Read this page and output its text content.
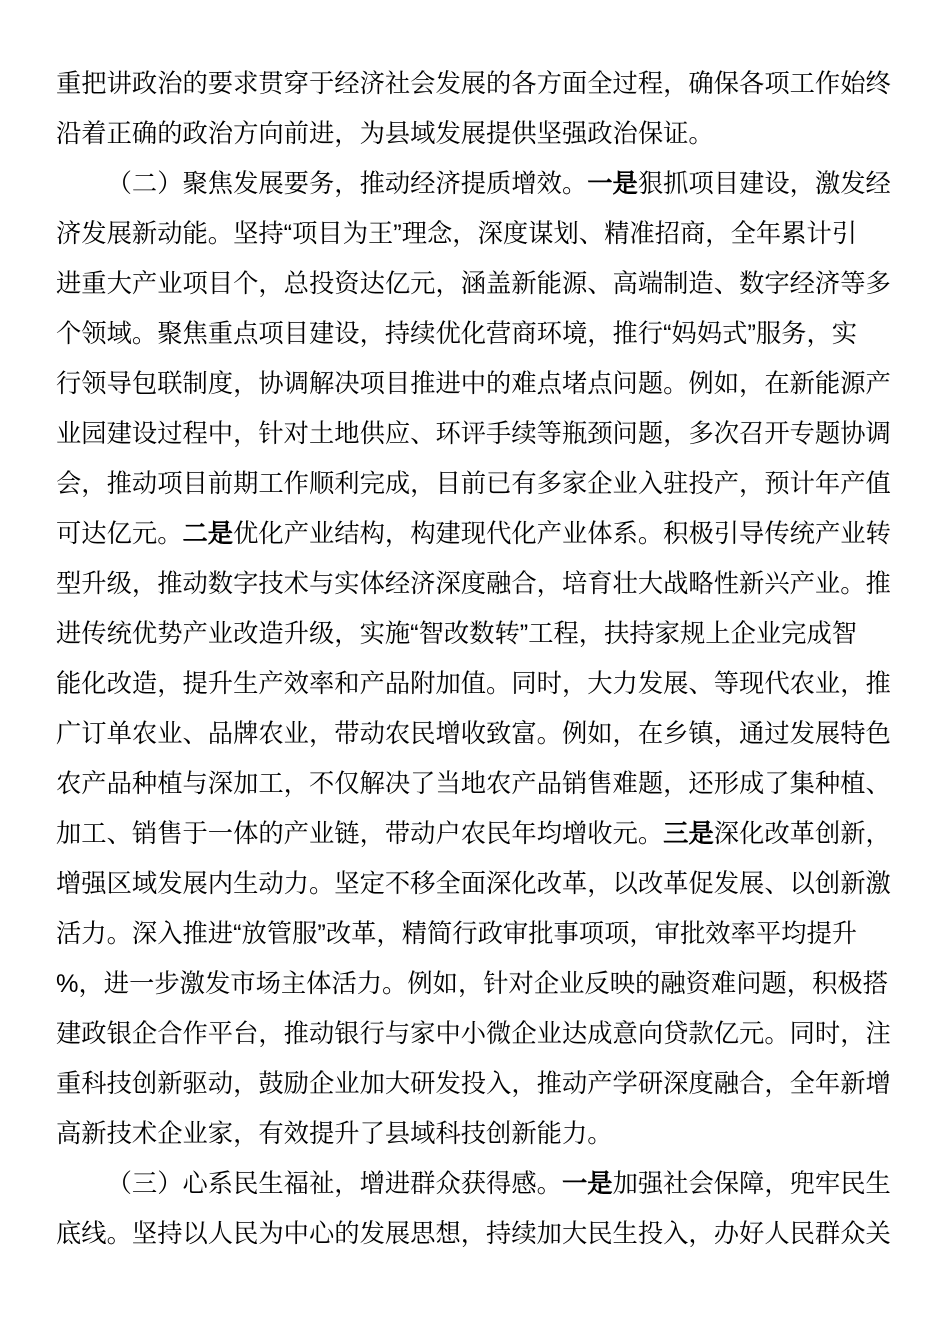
重把讲政治的要求贯穿于经济社会发展的各方面全过程，确保各项工作始终
沿着正确的政治方向前进，为县域发展提供坚强政治保证。
（二）聚焦发展要务，推动经济提质增效。一是狠抓项目建设，激发经
济发展新动能。坚持“项目为王”理念，深度谋划、精准招商，全年累计引
进重大产业项目个，总投资达亿元，涵盖新能源、高端制造、数字经济等多
个领域。聚焦重点项目建设，持续优化营商环境，推行“妈妈式”服务，实
行领导包联制度，协调解决项目推进中的难点堵点问题。例如，在新能源产
业园建设过程中，针对土地供应、环评手续等瓶颈问题，多次召开专题协调
会，推动项目前期工作顺利完成，目前已有多家企业入驻投产，预计年产值
可达亿元。二是优化产业结构，构建现代化产业体系。积极引导传统产业转
型升级，推动数字技术与实体经济深度融合，培育壮大战略性新兴产业。推
进传统优势产业改造升级，实施“智改数转”工程，扶持家规上企业完成智
能化改造，提升生产效率和产品附加值。同时，大力发展、等现代农业，推
广订单农业、品牌农业，带动农民增收致富。例如，在乡镇，通过发展特色
农产品种植与深加工，不仅解决了当地农产品销售难题，还形成了集种植、
加工、销售于一体的产业链，带动户农民年均增收元。三是深化改革创新，
增强区域发展内生动力。坚定不移全面深化改革，以改革促发展、以创新激
活力。深入推进“放管服”改革，精简行政审批事项项，审批效率平均提升
%，进一步激发市场主体活力。例如，针对企业反映的融资难问题，积极搭
建政银企合作平台，推动银行与家中小微企业达成意向贷款亿元。同时，注
重科技创新驱动，鼓励企业加大研发投入，推动产学研深度融合，全年新增
高新技术企业家，有效提升了县域科技创新能力。
（三）心系民生福祉，增进群众获得感。一是加强社会保障，兜牢民生
底线。坚持以人民为中心的发展思想，持续加大民生投入，办好人民群众关
